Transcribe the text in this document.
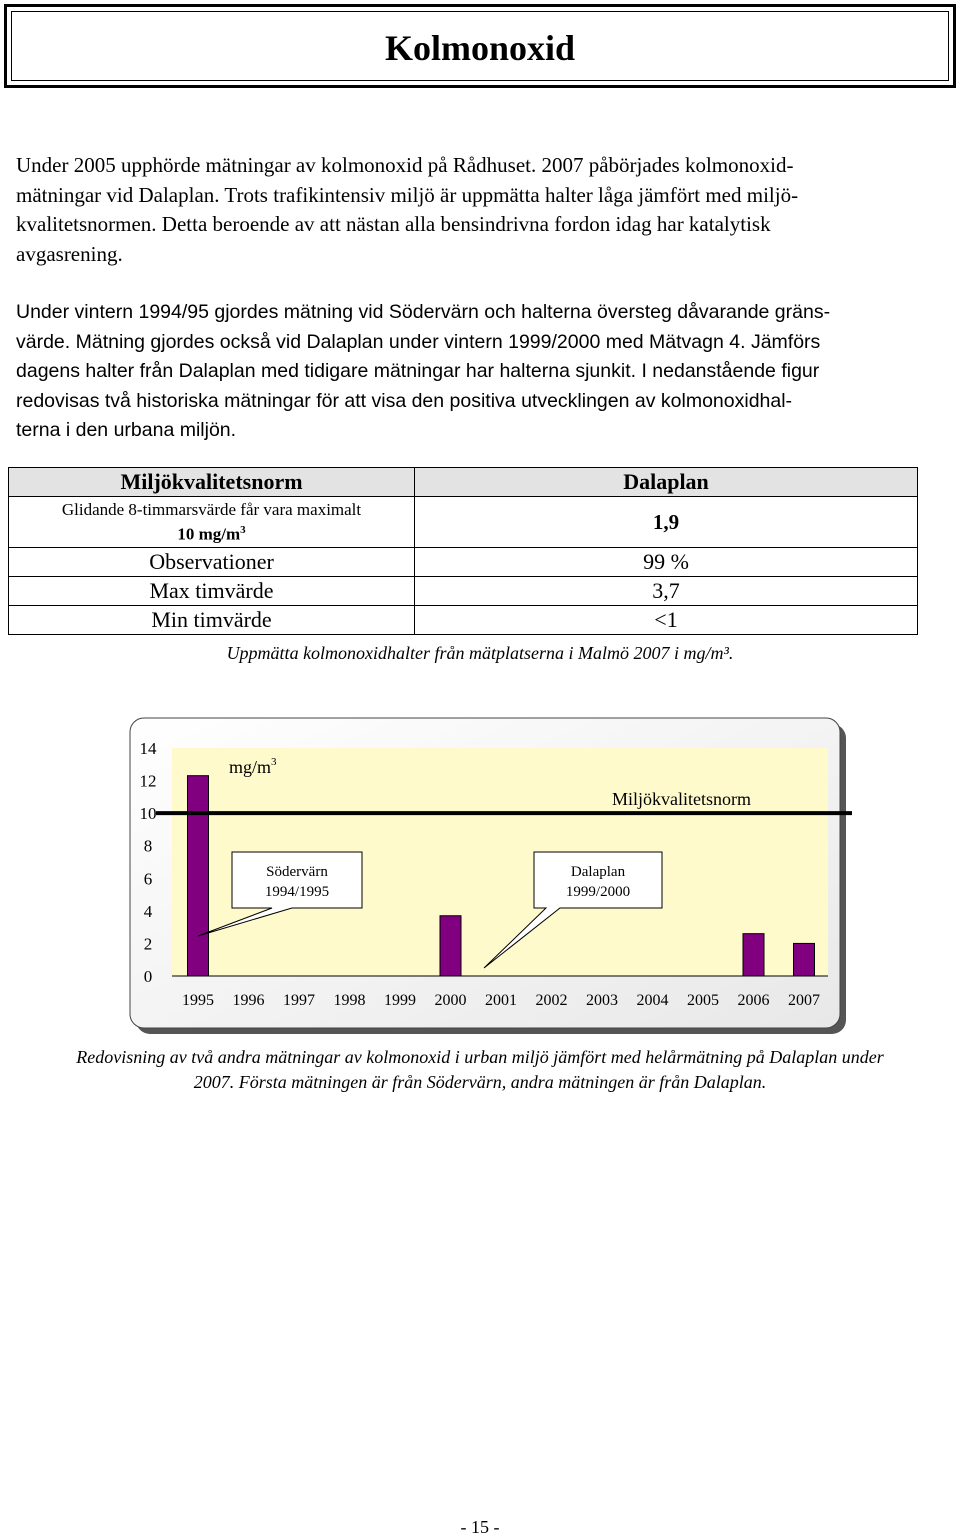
Kolmonoxid
Under 2005 upphörde mätningar av kolmonoxid på Rådhuset. 2007 påbörjades kolmonoxid-
mätningar vid Dalaplan. Trots trafikintensiv miljö är uppmätta halter låga jämfört med miljö-
kvalitetsnormen. Detta beroende av att nästan alla bensindrivna fordon idag har katalytisk
avgasrening.
Under vintern 1994/95 gjordes mätning vid Södervärn och halterna översteg dåvarande gräns-
värde. Mätning gjordes också vid Dalaplan under vintern 1999/2000 med Mätvagn 4. Jämförs
dagens halter från Dalaplan med tidigare mätningar har halterna sjunkit. I nedanstående figur
redovisas två historiska mätningar för att visa den positiva utvecklingen av kolmonoxidhal-
terna i den urbana miljön.
Miljökvalitetsnorm	Dalaplan

Glidande 8-timmarsvärde får vara maximalt
10 $mg/m^3$	1,9
Observationer	99 %
Max timvärde	3,7
Min timvärde	<1
Uppmätta kolmonoxidhalter från mätplatserna i Malmö 2007 i mg/m³.
0
2
4
6
8
10
12
14
1995 1996 1997 1998 1999 2000 2001 2002 2003 2004 2005 2006 2007
$mg/m^3$
Miljökvalitetsnorm
Södervärn
1994/1995
Dalaplan
1999/2000
Redovisning av två andra mätningar av kolmonoxid i urban miljö jämfört med helårmätning på Dalaplan under
2007. Första mätningen är från Södervärn, andra mätningen är från Dalaplan.
- 15 -
